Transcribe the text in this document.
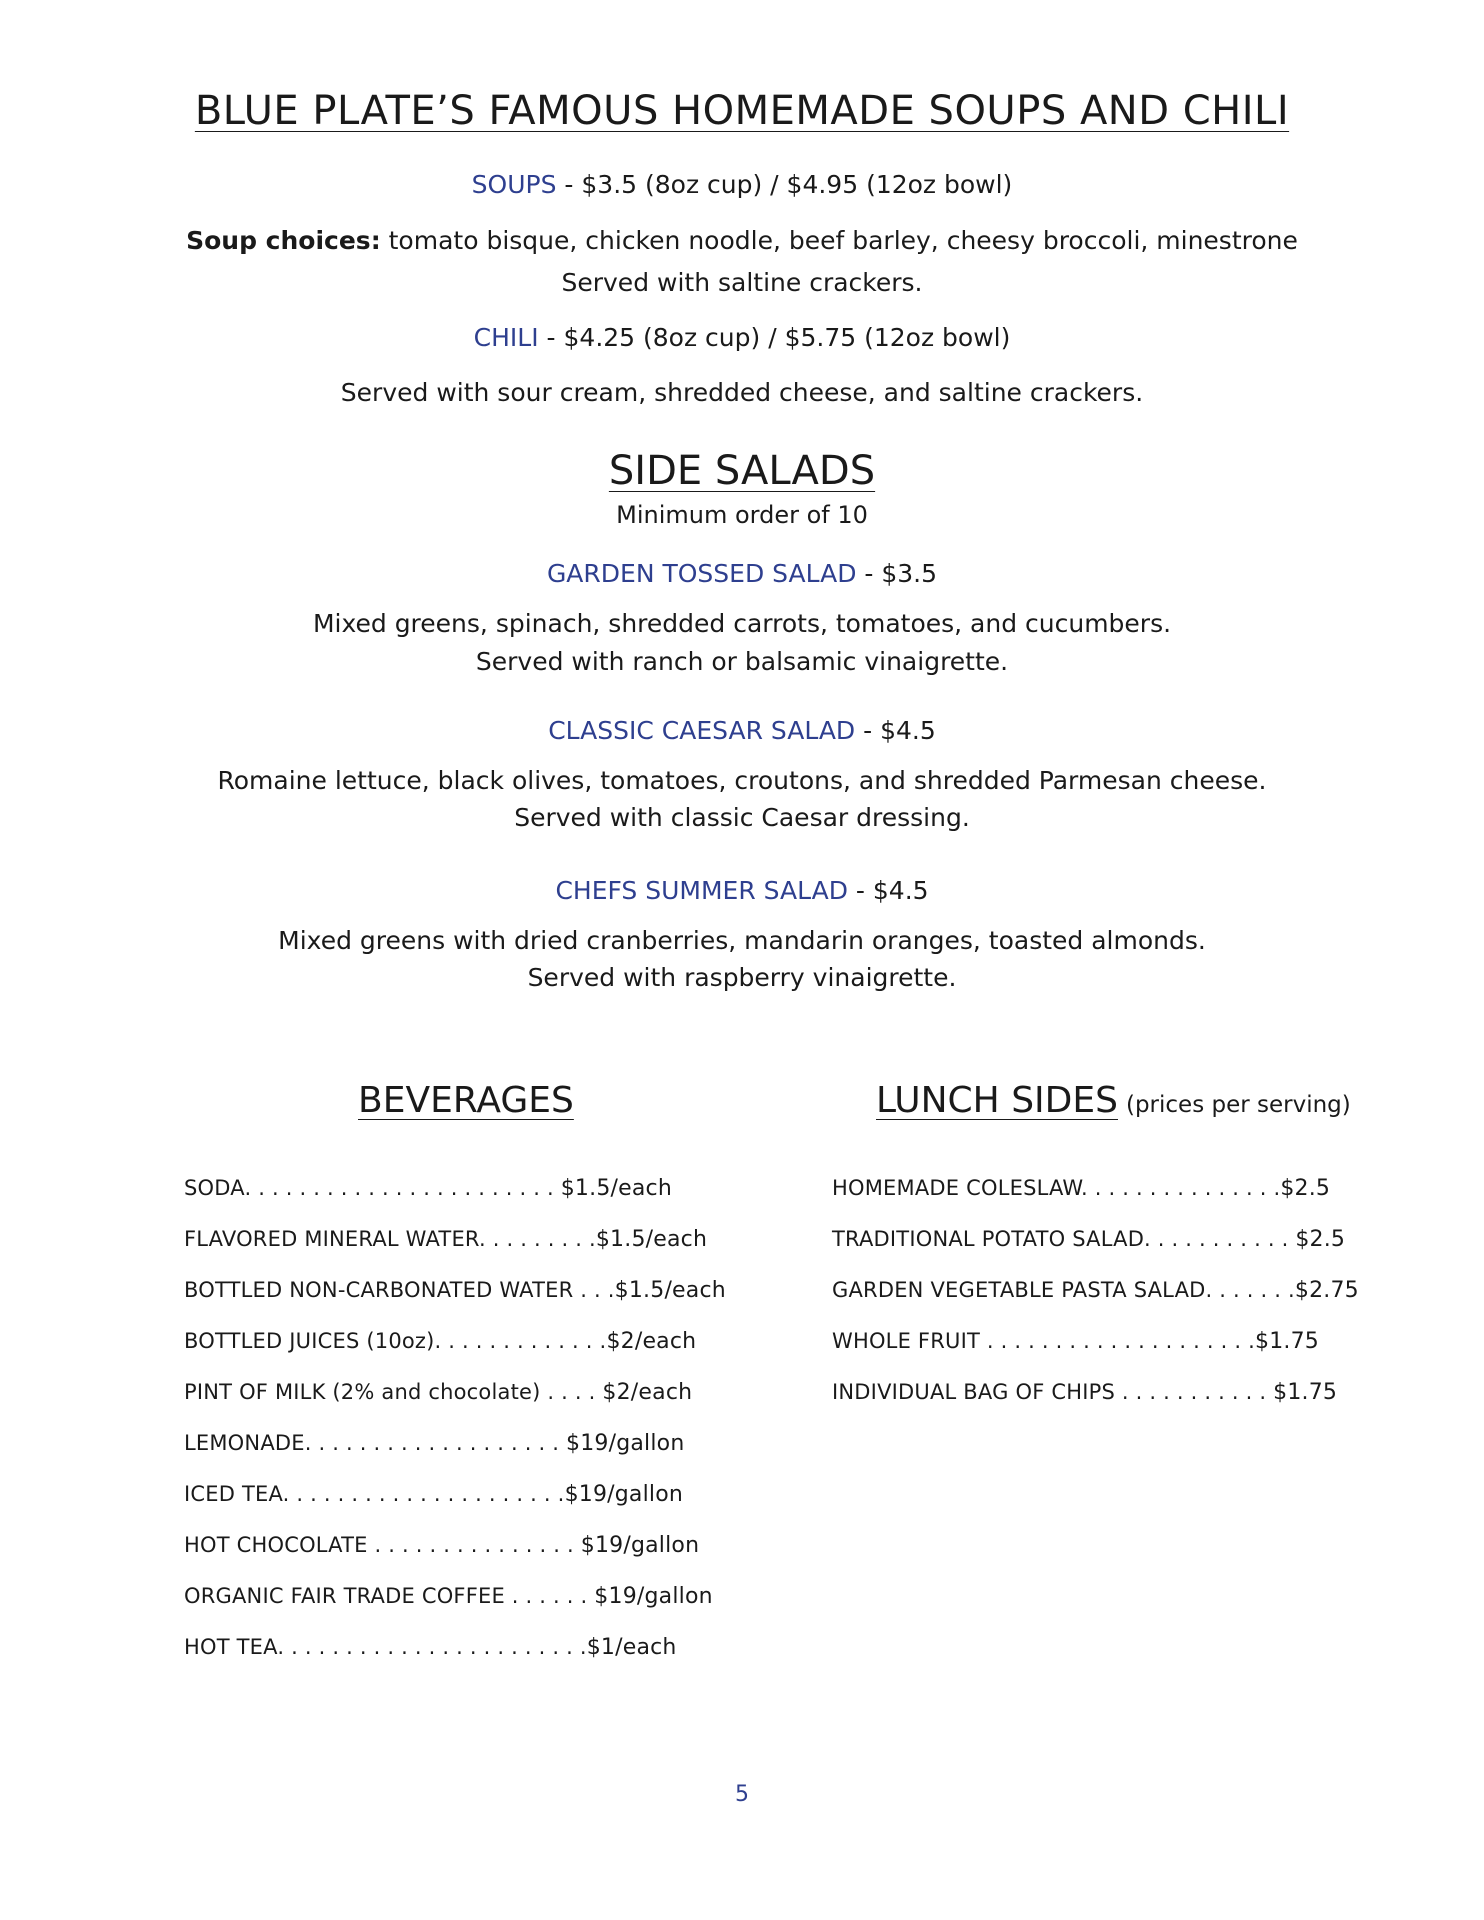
BLUE PLATE’S FAMOUS HOMEMADE SOUPS AND CHILI

SOUPS - $3.5 (8oz cup) / $4.95 (12oz bowl)

Soup choices: tomato bisque, chicken noodle, beef barley, cheesy broccoli, minestrone

Served with saltine crackers.

CHILI - $4.25 (8oz cup) / $5.75 (12oz bowl)

Served with sour cream, shredded cheese, and saltine crackers.

SIDE SALADS

Minimum order of 10

GARDEN TOSSED SALAD - $3.5

Mixed greens, spinach, shredded carrots, tomatoes, and cucumbers.

Served with ranch or balsamic vinaigrette.

CLASSIC CAESAR SALAD - $4.5

Romaine lettuce, black olives, tomatoes, croutons, and shredded Parmesan cheese.

Served with classic Caesar dressing.

CHEFS SUMMER SALAD - $4.5

Mixed greens with dried cranberries, mandarin oranges, toasted almonds.

Served with raspberry vinaigrette.

BEVERAGES
SODA. . . . . . . . . . . . . . . . . . . . . . . $1.5/each
FLAVORED MINERAL WATER. . . . . . . . .$1.5/each
BOTTLED NON-CARBONATED WATER . . .$1.5/each
BOTTLED JUICES (10oz). . . . . . . . . . . . .$2/each
PINT OF MILK (2% and chocolate) . . . . $2/each
LEMONADE. . . . . . . . . . . . . . . . . . . $19/gallon
ICED TEA. . . . . . . . . . . . . . . . . . . . .$19/gallon
HOT CHOCOLATE . . . . . . . . . . . . . . . $19/gallon
ORGANIC FAIR TRADE COFFEE . . . . . . $19/gallon
HOT TEA. . . . . . . . . . . . . . . . . . . . . . .$1/each
LUNCH SIDES (prices per serving)
HOMEMADE COLESLAW. . . . . . . . . . . . . . .$2.5
TRADITIONAL POTATO SALAD. . . . . . . . . . . $2.5
GARDEN VEGETABLE PASTA SALAD. . . . . . .$2.75
WHOLE FRUIT . . . . . . . . . . . . . . . . . . . .$1.75
INDIVIDUAL BAG OF CHIPS . . . . . . . . . . . $1.75
5
